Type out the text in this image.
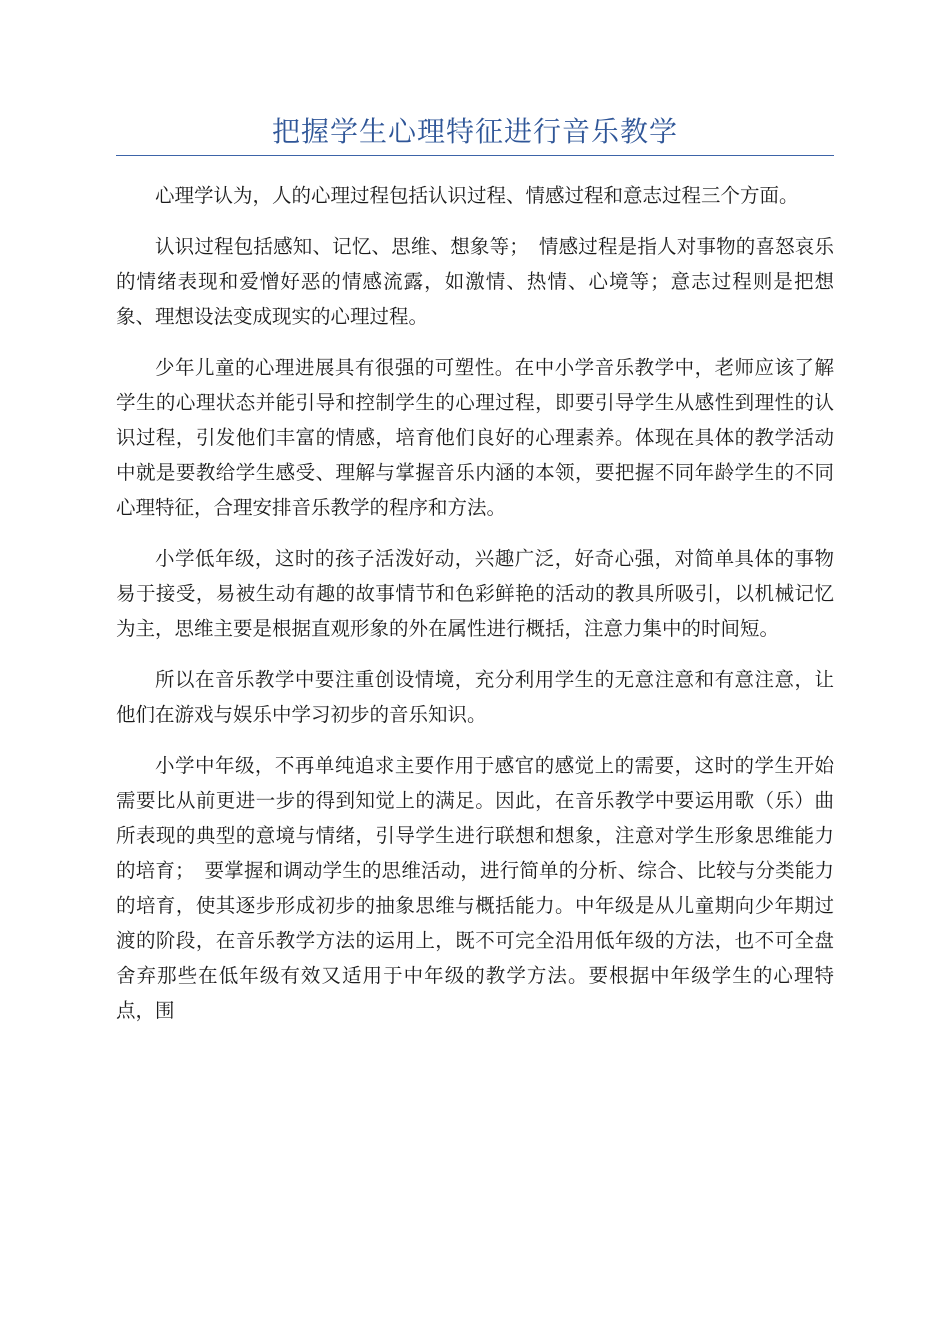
把握学生心理特征进行音乐教学

心理学认为，人的心理过程包括认识过程、情感过程和意志过程三个方面。

认识过程包括感知、记忆、思维、想象等；　情感过程是指人对事物的喜怒哀乐的情绪表现和爱憎好恶的情感流露，如激情、热情、心境等；意志过程则是把想象、理想设法变成现实的心理过程。

少年儿童的心理进展具有很强的可塑性。在中小学音乐教学中，老师应该了解学生的心理状态并能引导和控制学生的心理过程，即要引导学生从感性到理性的认识过程，引发他们丰富的情感，培育他们良好的心理素养。体现在具体的教学活动中就是要教给学生感受、理解与掌握音乐内涵的本领，要把握不同年龄学生的不同心理特征，合理安排音乐教学的程序和方法。

小学低年级，这时的孩子活泼好动，兴趣广泛，好奇心强，对简单具体的事物易于接受，易被生动有趣的故事情节和色彩鲜艳的活动的教具所吸引，以机械记忆为主，思维主要是根据直观形象的外在属性进行概括，注意力集中的时间短。

所以在音乐教学中要注重创设情境，充分利用学生的无意注意和有意注意，让他们在游戏与娱乐中学习初步的音乐知识。

小学中年级，不再单纯追求主要作用于感官的感觉上的需要，这时的学生开始需要比从前更进一步的得到知觉上的满足。因此，在音乐教学中要运用歌（乐）曲所表现的典型的意境与情绪，引导学生进行联想和想象，注意对学生形象思维能力的培育；　要掌握和调动学生的思维活动，进行简单的分析、综合、比较与分类能力的培育，使其逐步形成初步的抽象思维与概括能力。中年级是从儿童期向少年期过渡的阶段，在音乐教学方法的运用上，既不可完全沿用低年级的方法，也不可全盘舍弃那些在低年级有效又适用于中年级的教学方法。要根据中年级学生的心理特点，围
